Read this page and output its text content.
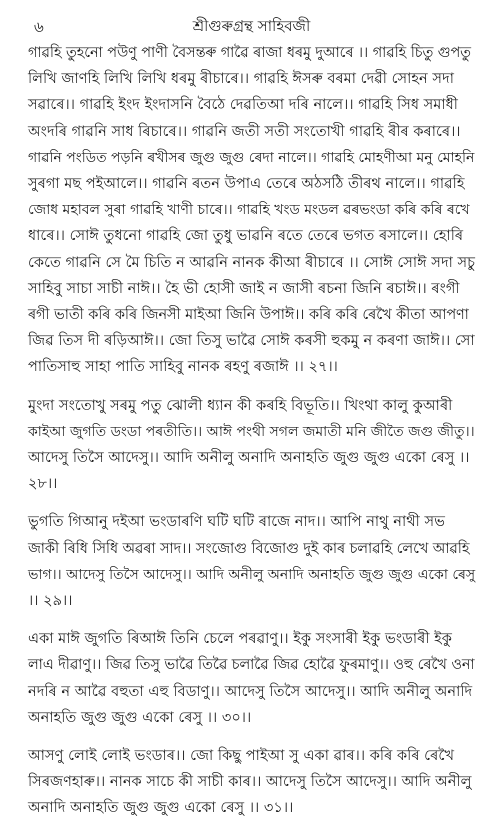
৬	শ্ৰীগুৰুগ্ৰন্থ সাহিবজী
গাৱহি তুহনো পউণু পাণী বৈসন্তৰু গাৱৈ ৰাজা ধৰমু দুআৰে ।। গাৱহি চিতু গুপতু
লিখি জাণহি লিখি লিখি ধৰমু ৰীচাৰে।। গাৱহি ঈসৰু বৰমা দেৱী সোহন সদা
সৱাৰে।। গাৱহি ইংদ ইংদাসনি বৈঠে দেৱতিআ দৰি নালে।। গাৱহি সিধ সমাধী
অংদৰি গাৱনি সাধ ৰিচাৰে।। গাৱনি জতী সতী সংতোখী গাৱহি ৰীৰ কৰাৰে।।
গাৱনি পংডিত পড়নি ৰখীসৰ জুগু জুগু ৰেদা নালে।। গাৱহি মোহণীআ মনু মোহনি
সুৰগা মছ পইআলে।। গাৱনি ৰতন উপাএ তেৰে অঠসঠি তীৰথ নালে।। গাৱহি
জোধ মহাবল সুৰা গাৱহি খাণী চাৰে।। গাৱহি খংড মংডল ৱৰভংডা কৰি কৰি ৰখে
ধাৰে।। সোঈ তুধনো গাৱহি জো তুধু ভাৱনি ৰতে তেৰে ভগত ৰসালে।। হোৰি
কেতে গাৱনি সে মৈ চিতি ন আৱনি নানক কীআ ৰীচাৰে ।। সোঈ সোঈ সদা সচু
সাহিবু সাচা সাচী নাঈ।। হৈ ভী হোসী জাই ন জাসী ৰচনা জিনি ৰচাঈ।। ৰংগী
ৰগী ভাতী কৰি কৰি জিনসী মাইআ জিনি উপাঈ।। কৰি কৰি ৰেখৈ কীতা আপণা
জিৱ তিস দী ৰড়িআঈ।। জো তিসু ভাৱৈ সোঈ কৰসী হুকমু ন কৰণা জাঈ।। সো
পাতিসাহু সাহা পাতি সাহিবু নানক ৰহণু ৰজাঈ ।। ২৭।।
মুংদা সংতোখু সৰমু পতু ঝোলী ধ্যান কী কৰহি বিভূতি।। খিংথা কালু কুআৰী
কাইআ জুগতি ডংডা পৰতীতি।। আঈ পংথী সগল জমাতী মনি জীতৈ জগু জীতু।।
আদেসু তিসৈ আদেসু।। আদি অনীলু অনাদি অনাহতি জুগু জুগু একো ৰেসু ।।
২৮।।
ভুগতি গিআনু দইআ ভংডাৰণি ঘটি ঘটি ৰাজে নাদ।। আপি নাথু নাথী সভ
জাকী ৰিধি সিধি অৱৰা সাদ।। সংজোগু বিজোগু দুই কাৰ চলাৱহি লেখে আৱহি
ভাগ।। আদেসু তিসৈ আদেসু।। আদি অনীলু অনাদি অনাহতি জুগু জুগু একো ৰেসু
।। ২৯।।
একা মাঈ জুগতি ৰিআঈ তিনি চেলে পৰৱাণু।। ইকু সংসাৰী ইকু ভংডাৰী ইকু
লাএ দীৱাণু।। জিৱ তিসু ভাৱৈ তিৱৈ চলাৱৈ জিৱ হোৱৈ ফুৰমাণু।। ওহু ৰেখৈ ওনা
নদৰি ন আৱৈ বহুতা এহু বিডাণু।। আদেসু তিসৈ আদেসু।। আদি অনীলু অনাদি
অনাহতি জুগু জুগু একো ৰেসু ।। ৩০।।
আসণু লোই লোই ভংডাৰ।। জো কিছু পাইআ সু একা ৱাৰ।। কৰি কৰি ৰেখৈ
সিৰজণহাৰু।। নানক সাচে কী সাচী কাৰ।। আদেসু তিসৈ আদেসু।। আদি অনীলু
অনাদি অনাহতি জুগু জুগু একো ৰেসু ।। ৩১।।
